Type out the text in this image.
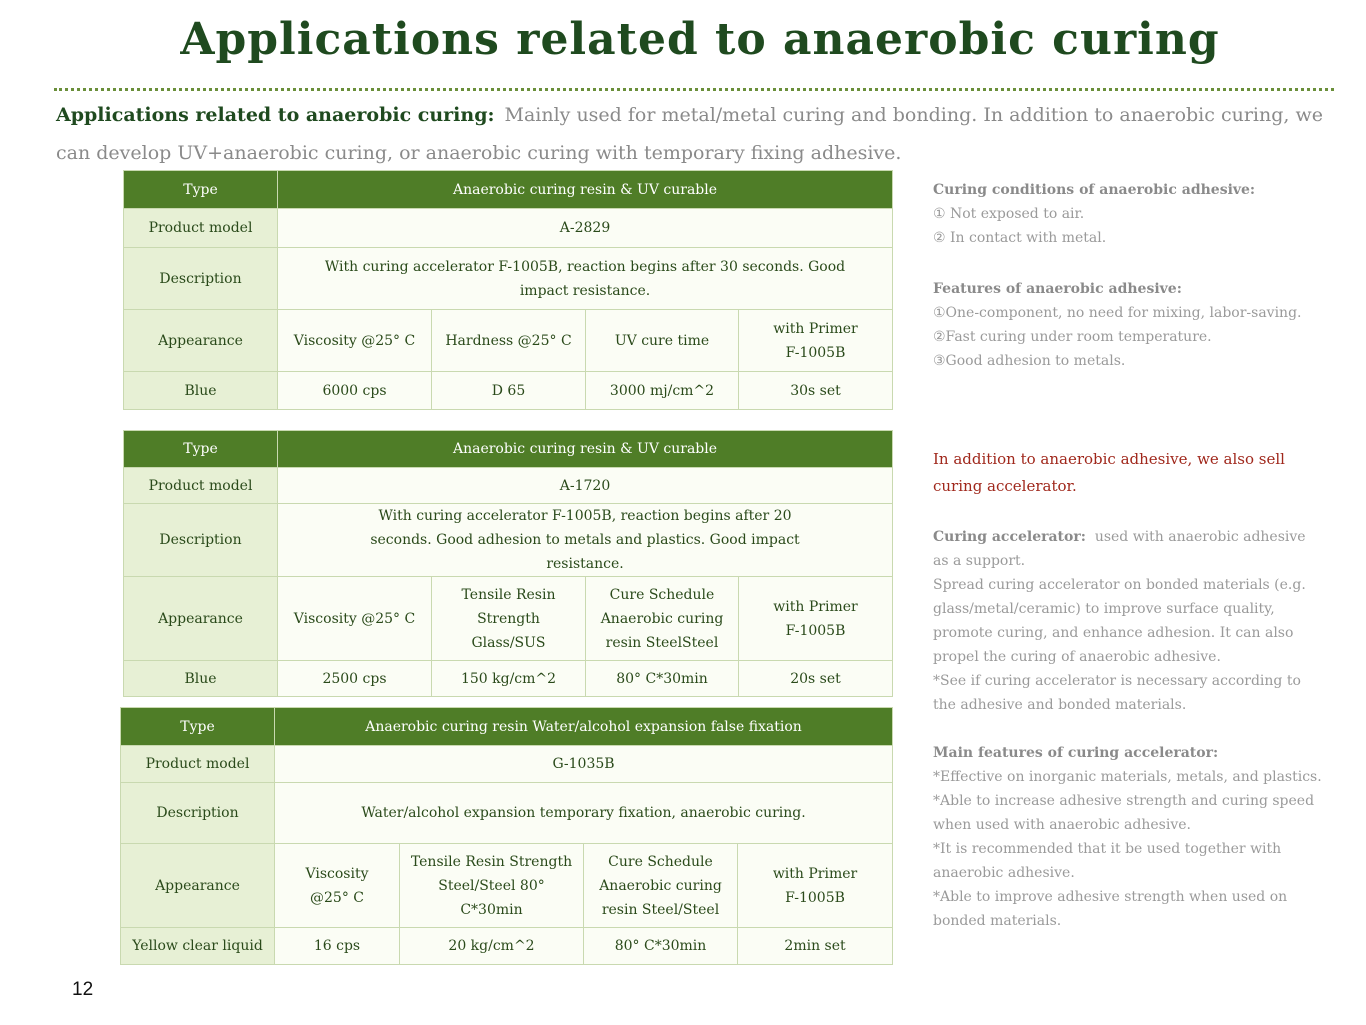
Applications related to anaerobic curing
Applications related to anaerobic curing: Mainly used for metal/metal curing and bonding. In addition to anaerobic curing, we can develop UV+anaerobic curing, or anaerobic curing with temporary fixing adhesive.
Type	Anaerobic curing resin & UV curable			
Product model	A-2829			
Description	With curing accelerator F-1005B, reaction begins after 30 seconds. Good impact resistance.			
Appearance	Viscosity @25° C	Hardness @25° C	UV cure time	with Primer F-1005B
Blue	6000 cps	D 65	3000 mj/cm^2	30s set
Type	Anaerobic curing resin & UV curable			
Product model	A-1720			
Description	With curing accelerator F-1005B, reaction begins after 20 seconds. Good adhesion to metals and plastics. Good impact resistance.			
Appearance	Viscosity @25° C	Tensile Resin Strength Glass/SUS	Cure Schedule Anaerobic curing resin SteelSteel	with Primer F-1005B
Blue	2500 cps	150 kg/cm^2	80° C*30min	20s set
Type	Anaerobic curing resin Water/alcohol expansion false fixation			
Product model	G-1035B			
Description	Water/alcohol expansion temporary fixation, anaerobic curing.			
Appearance	Viscosity @25° C	Tensile Resin Strength Steel/Steel 80° C*30min	Cure Schedule Anaerobic curing resin Steel/Steel	with Primer F-1005B
Yellow clear liquid	16 cps	20 kg/cm^2	80° C*30min	2min set
Curing conditions of anaerobic adhesive:

① Not exposed to air.

② In contact with metal.

Features of anaerobic adhesive:

①One-component, no need for mixing, labor-saving.

②Fast curing under room temperature.

③Good adhesion to metals.

In addition to anaerobic adhesive, we also sell curing accelerator.

Curing accelerator: used with anaerobic adhesive as a support.

Spread curing accelerator on bonded materials (e.g. glass/metal/ceramic) to improve surface quality, promote curing, and enhance adhesion. It can also propel the curing of anaerobic adhesive.

*See if curing accelerator is necessary according to the adhesive and bonded materials.

Main features of curing accelerator:

*Effective on inorganic materials, metals, and plastics.

*Able to increase adhesive strength and curing speed when used with anaerobic adhesive.

*It is recommended that it be used together with anaerobic adhesive.

*Able to improve adhesive strength when used on bonded materials.

12
